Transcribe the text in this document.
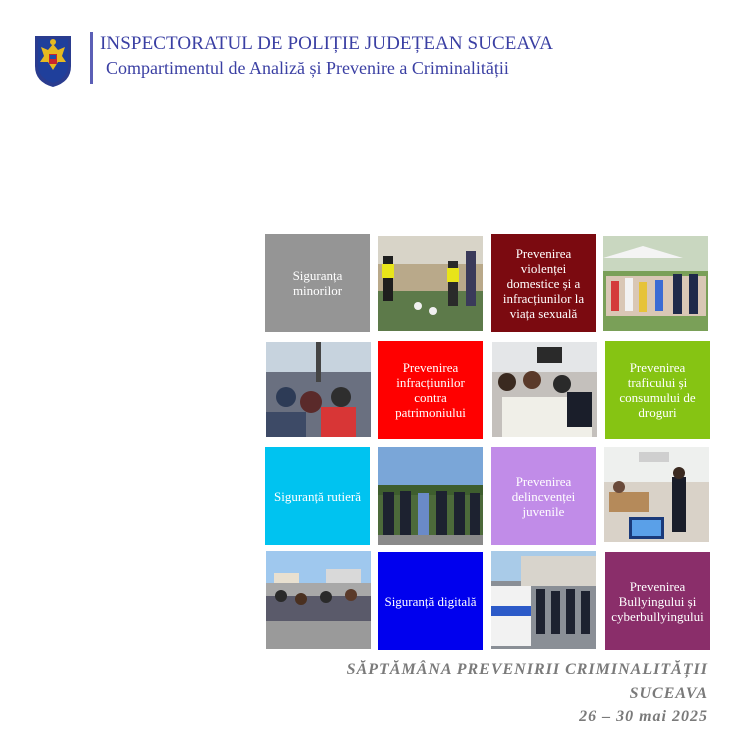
INSPECTORATUL DE POLIȚIE JUDEȚEAN SUCEAVA
Compartimentul de Analiză și Prevenire a Criminalității
Siguranța minorilor
Prevenirea violenței domestice și a infracțiunilor la viața sexuală
Prevenirea infracțiunilor contra patrimoniului
Prevenirea traficului și consumului de droguri
Siguranță rutieră
Prevenirea delincvenței juvenile
Siguranță digitală
Prevenirea Bullyingului și cyberbullyingului
SĂPTĂMÂNA PREVENIRII CRIMINALITĂȚII
SUCEAVA
26 – 30 mai 2025
